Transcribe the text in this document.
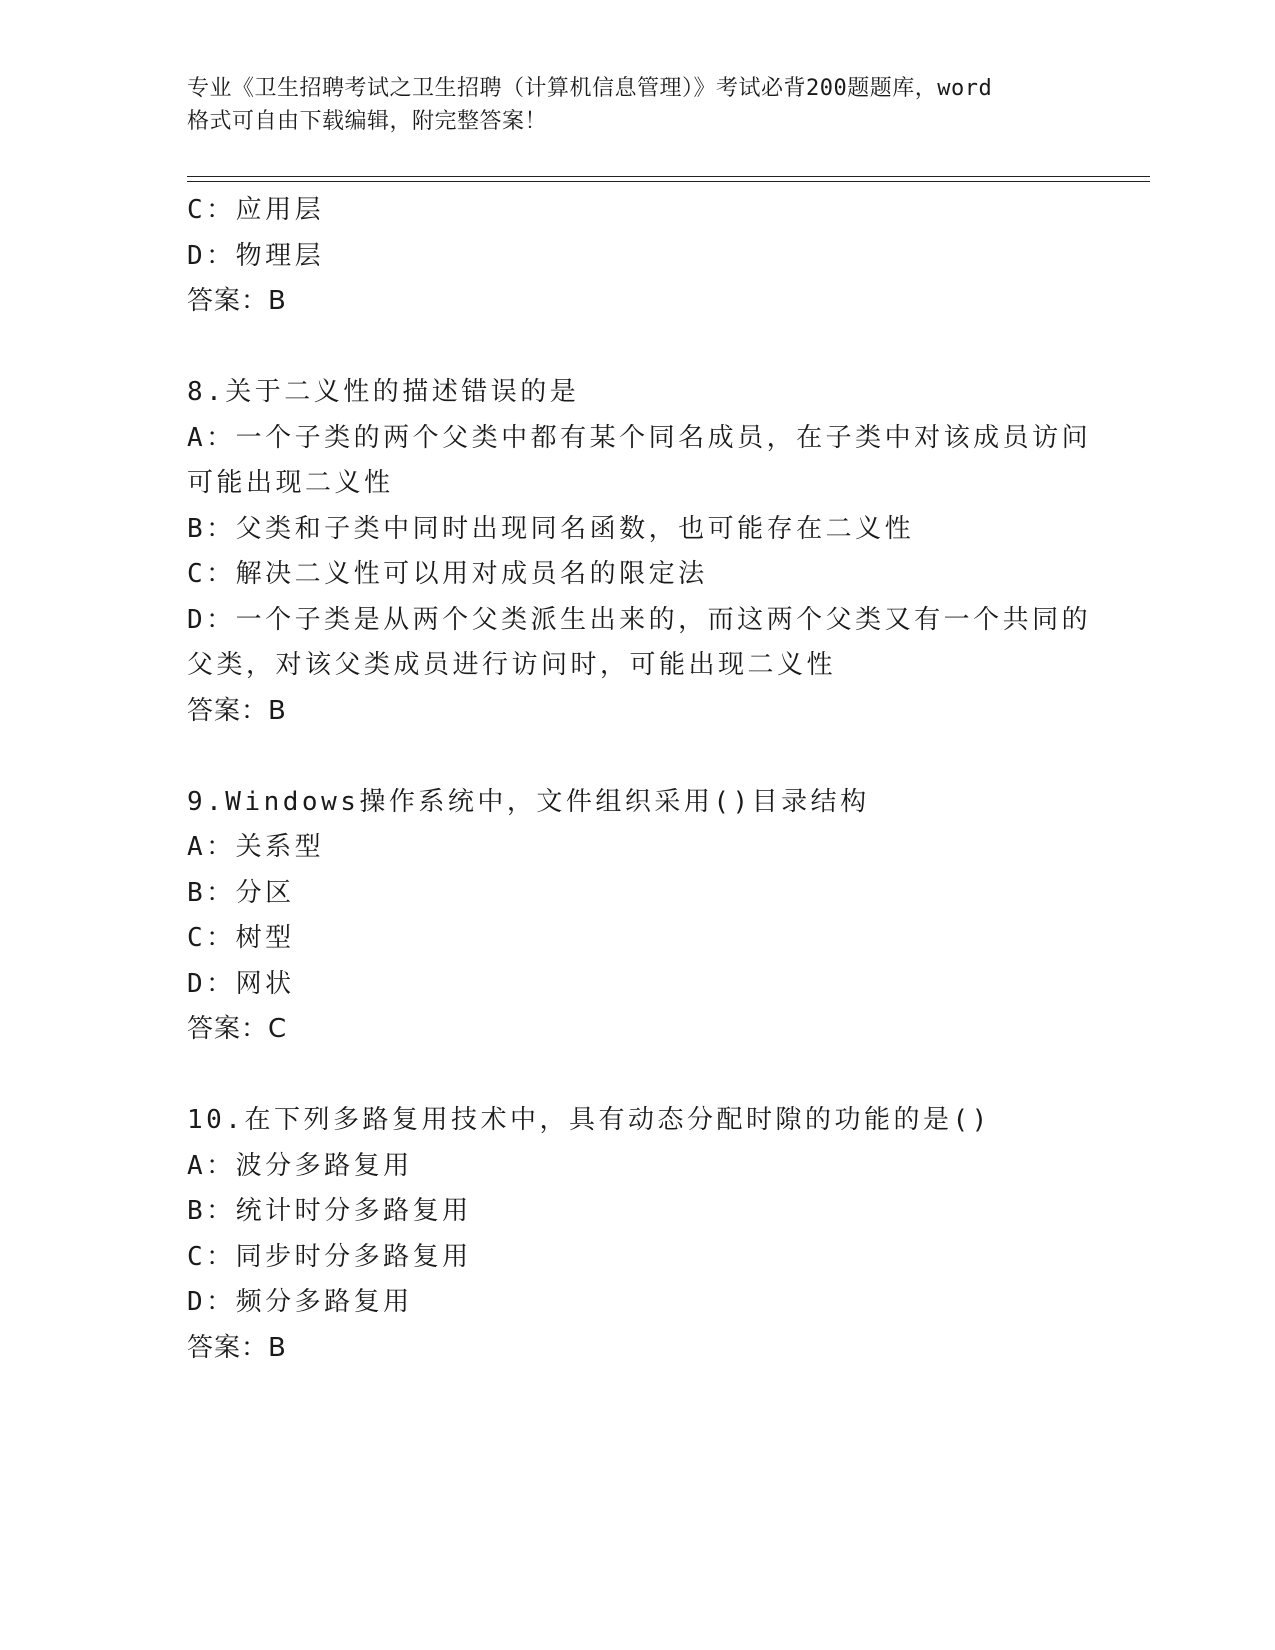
专业《卫生招聘考试之卫生招聘（计算机信息管理）》考试必背200题题库，word
格式可自由下载编辑，附完整答案！
C：应用层
D：物理层
答案：B
8.关于二义性的描述错误的是
A：一个子类的两个父类中都有某个同名成员，在子类中对该成员访问
可能出现二义性
B：父类和子类中同时出现同名函数，也可能存在二义性
C：解决二义性可以用对成员名的限定法
D：一个子类是从两个父类派生出来的，而这两个父类又有一个共同的
父类，对该父类成员进行访问时，可能出现二义性
答案：B
9.Windows操作系统中，文件组织采用()目录结构
A：关系型
B：分区
C：树型
D：网状
答案：C
10.在下列多路复用技术中，具有动态分配时隙的功能的是()
A：波分多路复用
B：统计时分多路复用
C：同步时分多路复用
D：频分多路复用
答案：B
